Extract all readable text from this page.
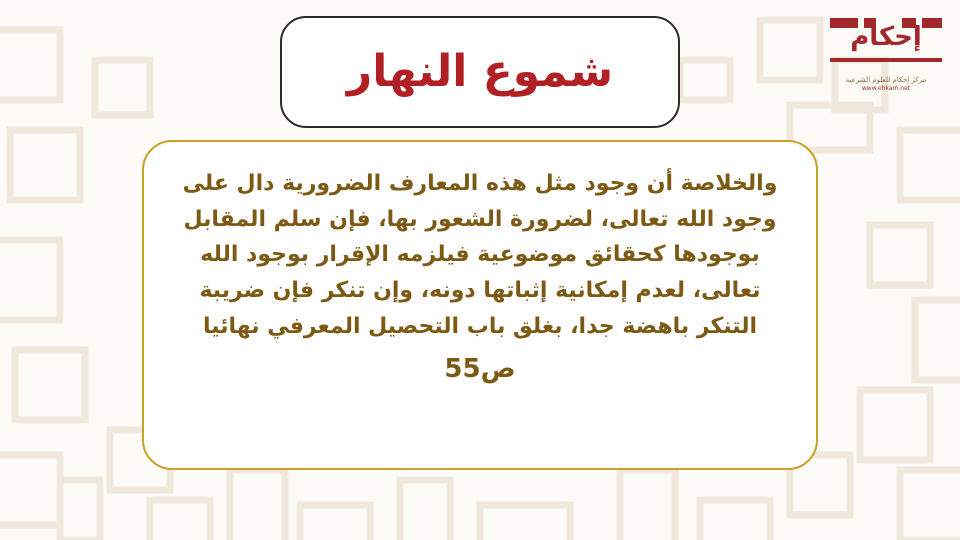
شموع النهار
إحكام
مركز إحكام للعلوم الشرعية
www.ehkam.net
والخلاصة أن وجود مثل هذه المعارف الضرورية دال على وجود الله تعالى، لضرورة الشعور بها، فإن سلم المقابل بوجودها كحقائق موضوعية فيلزمه الإقرار بوجود الله تعالى، لعدم إمكانية إثباتها دونه، وإن تنكر فإن ضريبة التنكر باهضة جدا، بغلق باب التحصيل المعرفي نهائيا
ص55
